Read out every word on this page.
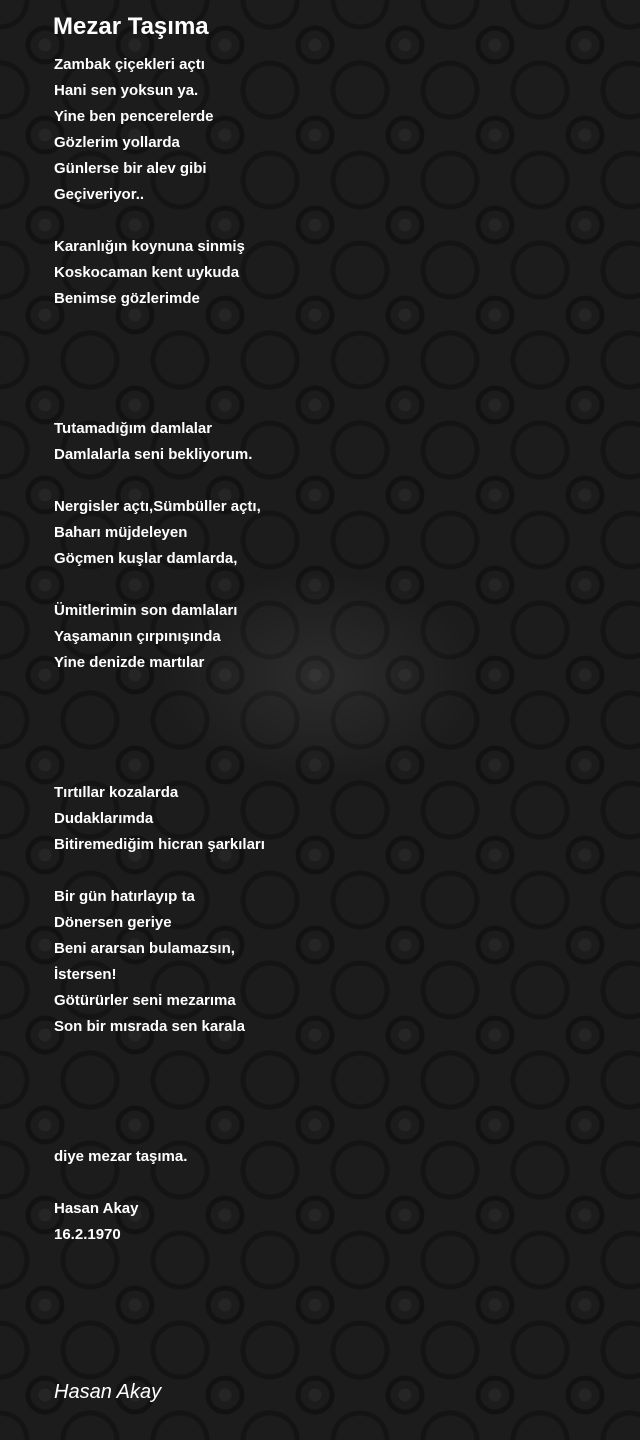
Mezar Taşıma
Zambak çiçekleri açtı
Hani sen yoksun ya.
Yine ben pencerelerde
Gözlerim yollarda
Günlerse bir alev gibi
Geçiveriyor..
Karanlığın koynuna sinmiş
Koskocaman kent uykuda
Benimse gözlerimde
Tutamadığım damlalar
Damlalarla seni bekliyorum.
Nergisler açtı,Sümbüller açtı,
Baharı müjdeleyen
Göçmen kuşlar damlarda,
Ümitlerimin son damlaları
Yaşamanın çırpınışında
Yine denizde martılar
Tırtıllar kozalarda
Dudaklarımda
Bitiremediğim hicran şarkıları
Bir gün hatırlayıp ta
Dönersen geriye
Beni ararsan bulamazsın,
İstersen!
Götürürler seni mezarıma
Son bir mısrada sen karala
diye mezar taşıma.
Hasan Akay
16.2.1970
Hasan Akay
